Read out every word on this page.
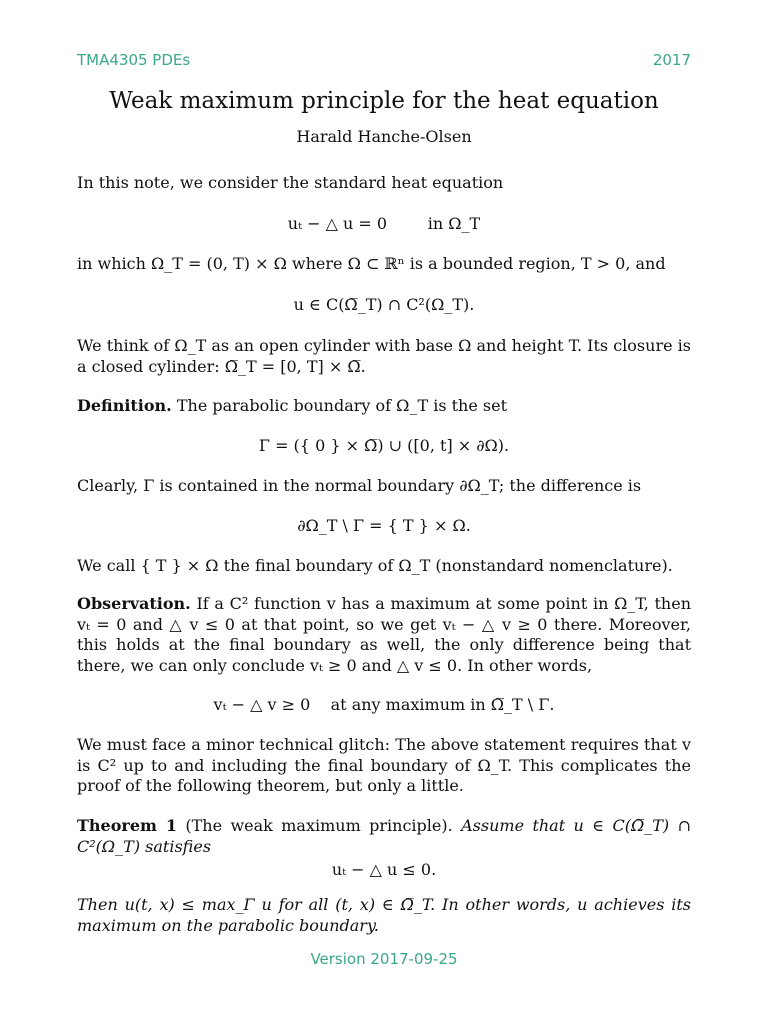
TMA4305 PDEs	2017
Weak maximum principle for the heat equation
Harald Hanche-Olsen
In this note, we consider the standard heat equation
uₜ − △ u = 0        in Ω_T
in which Ω_T = (0, T) × Ω where Ω ⊂ ℝⁿ is a bounded region, T > 0, and
u ∈ C(Ω̅_T) ∩ C²(Ω_T).
We think of Ω_T as an open cylinder with base Ω and height T. Its closure is a closed cylinder: Ω̅_T = [0, T] × Ω̅.
Definition. The parabolic boundary of Ω_T is the set
Γ = ({ 0 } × Ω̅) ∪ ([0, t] × ∂Ω).
Clearly, Γ is contained in the normal boundary ∂Ω_T; the difference is
∂Ω_T \ Γ = { T } × Ω.
We call { T } × Ω the final boundary of Ω_T (nonstandard nomenclature).
Observation. If a C² function v has a maximum at some point in Ω_T, then vₜ = 0 and △ v ≤ 0 at that point, so we get vₜ − △ v ≥ 0 there. Moreover, this holds at the final boundary as well, the only difference being that there, we can only conclude vₜ ≥ 0 and △ v ≤ 0. In other words,
vₜ − △ v ≥ 0    at any maximum in Ω̅_T \ Γ.
We must face a minor technical glitch: The above statement requires that v is C² up to and including the final boundary of Ω_T. This complicates the proof of the following theorem, but only a little.
Theorem 1 (The weak maximum principle). Assume that u ∈ C(Ω̅_T) ∩ C²(Ω_T) satisfies
uₜ − △ u ≤ 0.
Then u(t, x) ≤ max_Γ u for all (t, x) ∈ Ω̅_T. In other words, u achieves its maximum on the parabolic boundary.
Version 2017-09-25
